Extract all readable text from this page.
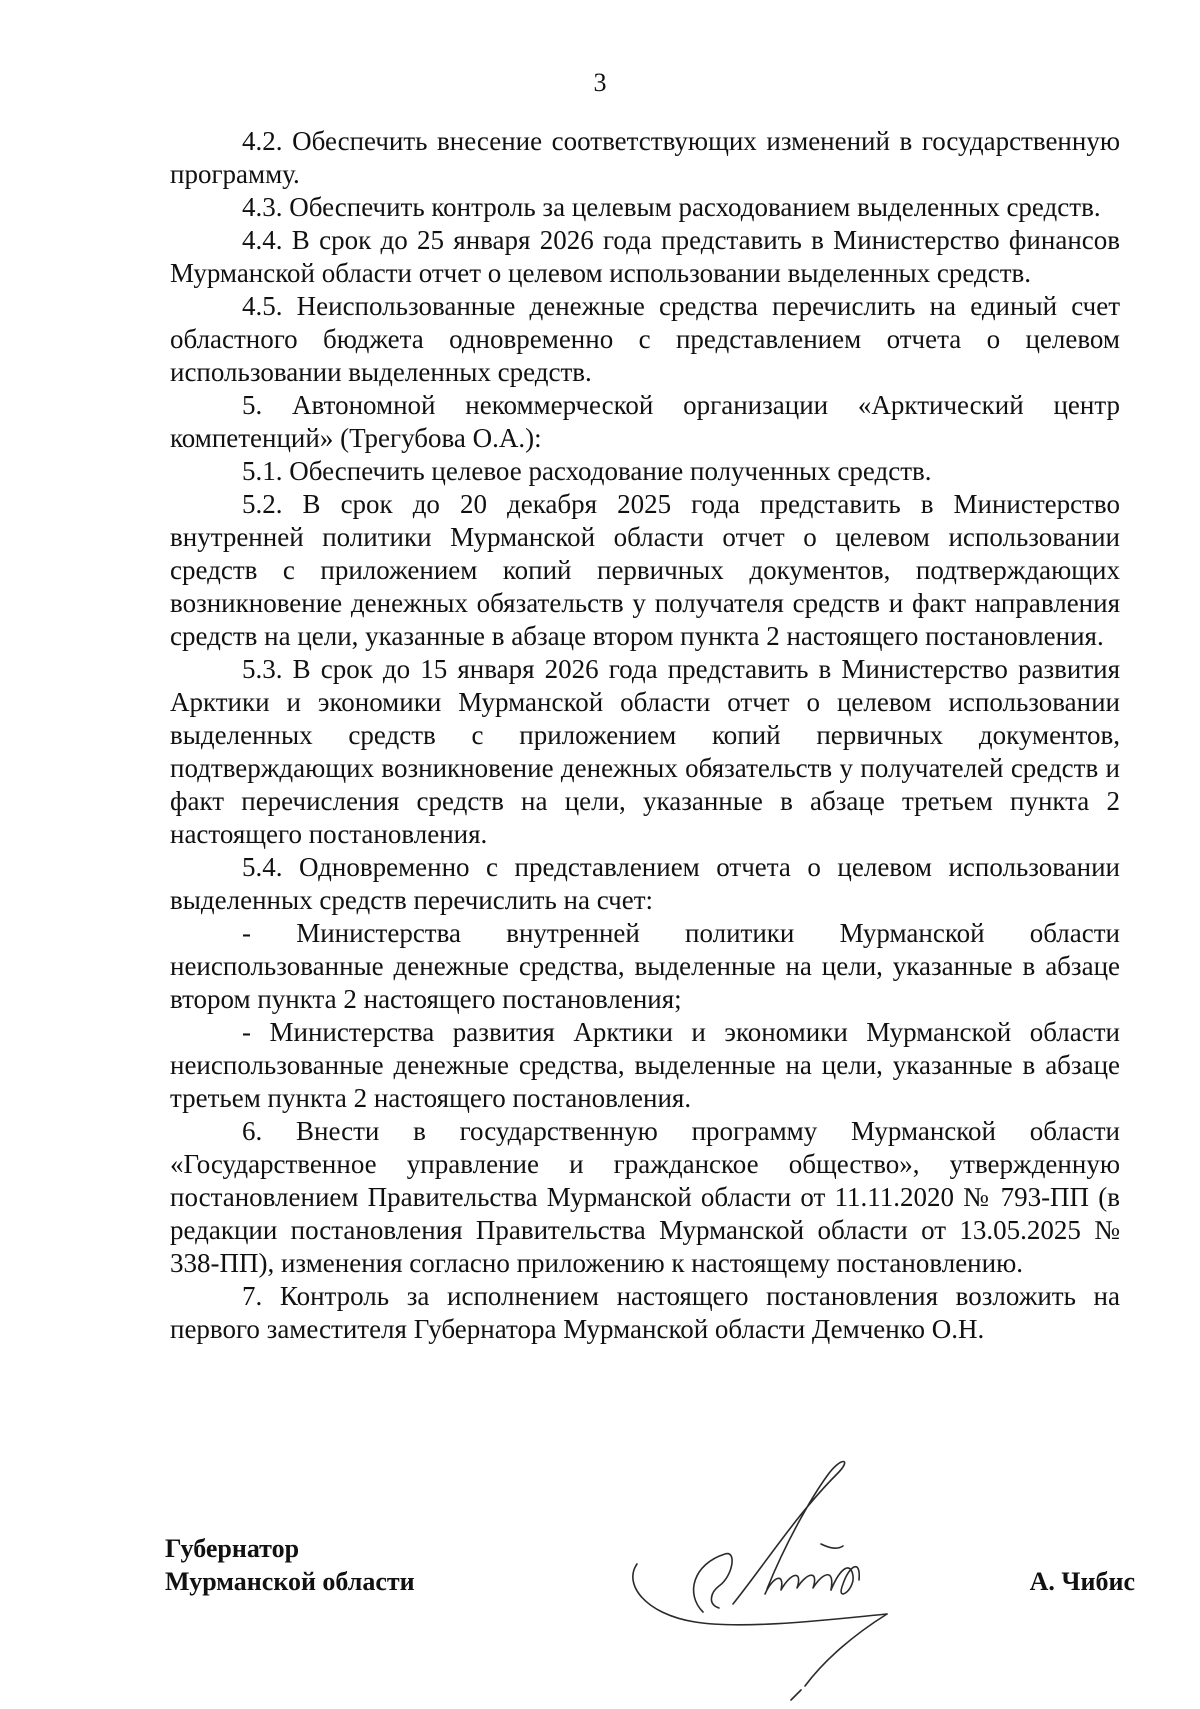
3

4.2. Обеспечить внесение соответствующих изменений в государственную программу.

4.3. Обеспечить контроль за целевым расходованием выделенных средств.

4.4. В срок до 25 января 2026 года представить в Министерство финансов Мурманской области отчет о целевом использовании выделенных средств.

4.5. Неиспользованные денежные средства перечислить на единый счет областного бюджета одновременно с представлением отчета о целевом использовании выделенных средств.

5. Автономной некоммерческой организации «Арктический центр компетенций» (Трегубова О.А.):

5.1. Обеспечить целевое расходование полученных средств.

5.2. В срок до 20 декабря 2025 года представить в Министерство внутренней политики Мурманской области отчет о целевом использовании средств с приложением копий первичных документов, подтверждающих возникновение денежных обязательств у получателя средств и факт направления средств на цели, указанные в абзаце втором пункта 2 настоящего постановления.

5.3. В срок до 15 января 2026 года представить в Министерство развития Арктики и экономики Мурманской области отчет о целевом использовании выделенных средств с приложением копий первичных документов, подтверждающих возникновение денежных обязательств у получателей средств и факт перечисления средств на цели, указанные в абзаце третьем пункта 2 настоящего постановления.

5.4. Одновременно с представлением отчета о целевом использовании выделенных средств перечислить на счет:

- Министерства внутренней политики Мурманской области неиспользованные денежные средства, выделенные на цели, указанные в абзаце втором пункта 2 настоящего постановления;

- Министерства развития Арктики и экономики Мурманской области неиспользованные денежные средства, выделенные на цели, указанные в абзаце третьем пункта 2 настоящего постановления.

6. Внести в государственную программу Мурманской области «Государственное управление и гражданское общество», утвержденную постановлением Правительства Мурманской области от 11.11.2020 № 793-ПП (в редакции постановления Правительства Мурманской области от 13.05.2025 № 338-ПП), изменения согласно приложению к настоящему постановлению.

7. Контроль за исполнением настоящего постановления возложить на первого заместителя Губернатора Мурманской области Демченко О.Н.

Губернатор
Мурманской области	А. Чибис
